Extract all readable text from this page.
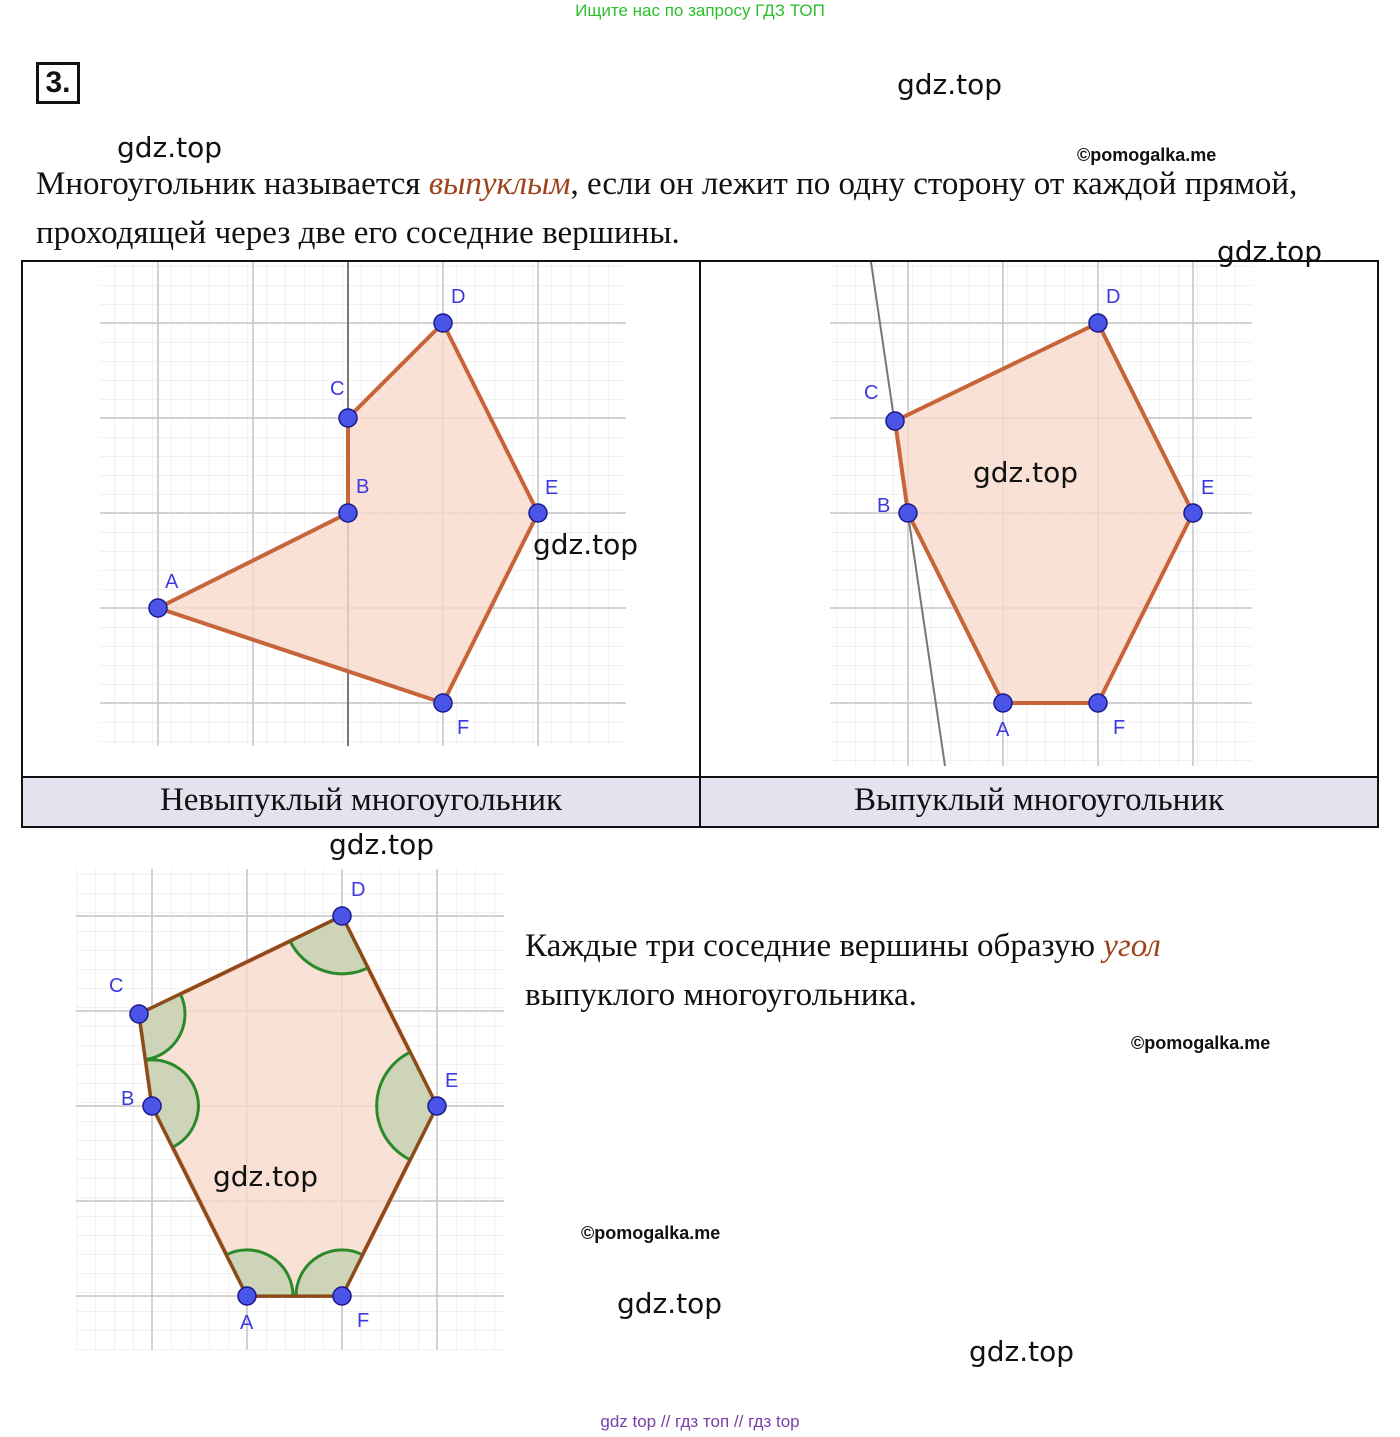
Ищите нас по запросу ГДЗ ТОП
3.	gdz.top
gdz.top	©pomogalka.me
Многоугольник называется выпуклым, если он лежит по одну сторону от каждой прямой, проходящей через две его соседние вершины.
A
B
C
D
E
F	A
B
C
D
E
F
A
B
C
D
E
F
Невыпуклый многоугольник	Выпуклый многоугольник
gdz.top
gdz.top
gdz.top
gdz.top
gdz.top
Каждые три соседние вершины образую угол
выпуклого многоугольника.
©pomogalka.me
©pomogalka.me
gdz.top
gdz.top
gdz top // гдз топ // гдз top
